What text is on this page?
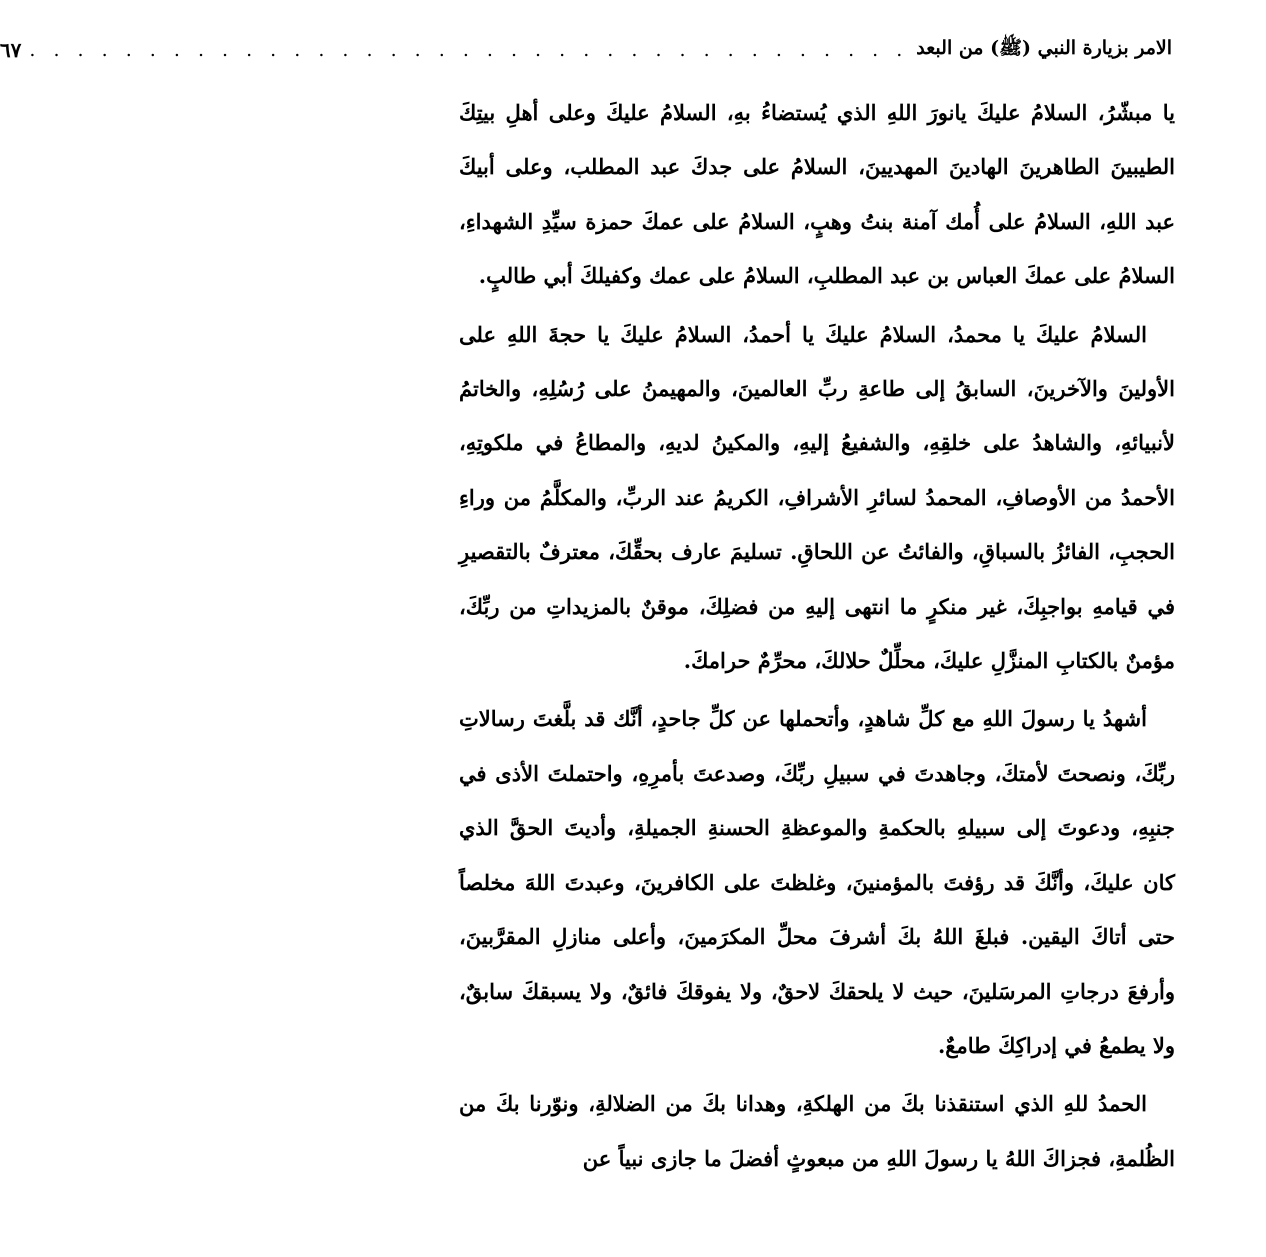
الامر بزيارة النبي (ﷺ) من البعد
. . . . . . . . . . . . . . . . . . . . . . . . . . . . . . . . . . . . .
٦٧

يا مبشّرُ، السلامُ عليكَ يانورَ اللهِ الذي يُستضاءُ بهِ، السلامُ عليكَ وعلى أهلِ بيتِكَ الطيبينَ الطاهرينَ الهادينَ المهديينَ، السلامُ على جدكَ عبد المطلب، وعلى أبيكَ عبد اللهِ، السلامُ على أُمك آمنة بنتُ وهبٍ، السلامُ على عمكَ حمزة سيِّدِ الشهداءِ، السلامُ على عمكَ العباس بن عبد المطلبِ، السلامُ على عمك وكفيلكَ أبي طالبٍ.

السلامُ عليكَ يا محمدُ، السلامُ عليكَ يا أحمدُ، السلامُ عليكَ يا حجةَ اللهِ على الأولينَ والآخرينَ، السابقُ إلى طاعةِ ربِّ العالمينَ، والمهيمنُ على رُسُلِهِ، والخاتمُ لأنبيائهِ، والشاهدُ على خلقِهِ، والشفيعُ إليهِ، والمكينُ لديهِ، والمطاعُ في ملكوتِهِ، الأحمدُ من الأوصافِ، المحمدُ لسائرِ الأشرافِ، الكريمُ عند الربِّ، والمكلَّمُ من وراءِ الحجبِ، الفائزُ بالسباقِ، والفائتُ عن اللحاقِ. تسليمَ عارف بحقِّكَ، معترفٌ بالتقصيرِ في قيامهِ بواجبِكَ، غير منكرٍ ما انتهى إليهِ من فضلِكَ، موقنٌ بالمزيداتِ من ربِّكَ، مؤمنٌ بالكتابِ المنزَّلِ عليكَ، محلِّلٌ حلالكَ، محرِّمٌ حرامكَ.

أشهدُ يا رسولَ اللهِ مع كلِّ شاهدٍ، وأتحملها عن كلِّ جاحدٍ، أنَّك قد بلَّغتَ رسالاتِ ربِّكَ، ونصحتَ لأمتكَ، وجاهدتَ في سبيلِ ربِّكَ، وصدعتَ بأمرِهِ، واحتملتَ الأذى في جنبِهِ، ودعوتَ إلى سبيلهِ بالحكمةِ والموعظةِ الحسنةِ الجميلةِ، وأديتَ الحقَّ الذي كان عليكَ، وأنَّكَ قد رؤفتَ بالمؤمنينَ، وغلظتَ على الكافرينَ، وعبدتَ اللهَ مخلصاً حتى أتاكَ اليقين. فبلغَ اللهُ بكَ أشرفَ محلِّ المكرَمينَ، وأعلى منازلِ المقرَّبينَ، وأرفعَ درجاتِ المرسَلينَ، حيث لا يلحقكَ لاحقٌ، ولا يفوقكَ فائقٌ، ولا يسبقكَ سابقٌ، ولا يطمعُ في إدراكِكَ طامعٌ.

الحمدُ للهِ الذي استنقذنا بكَ من الهلكةِ، وهدانا بكَ من الضلالةِ، ونوّرنا بكَ من الظُلمةِ، فجزاكَ اللهُ يا رسولَ اللهِ من مبعوثٍ أفضلَ ما جازى نبياً عن
